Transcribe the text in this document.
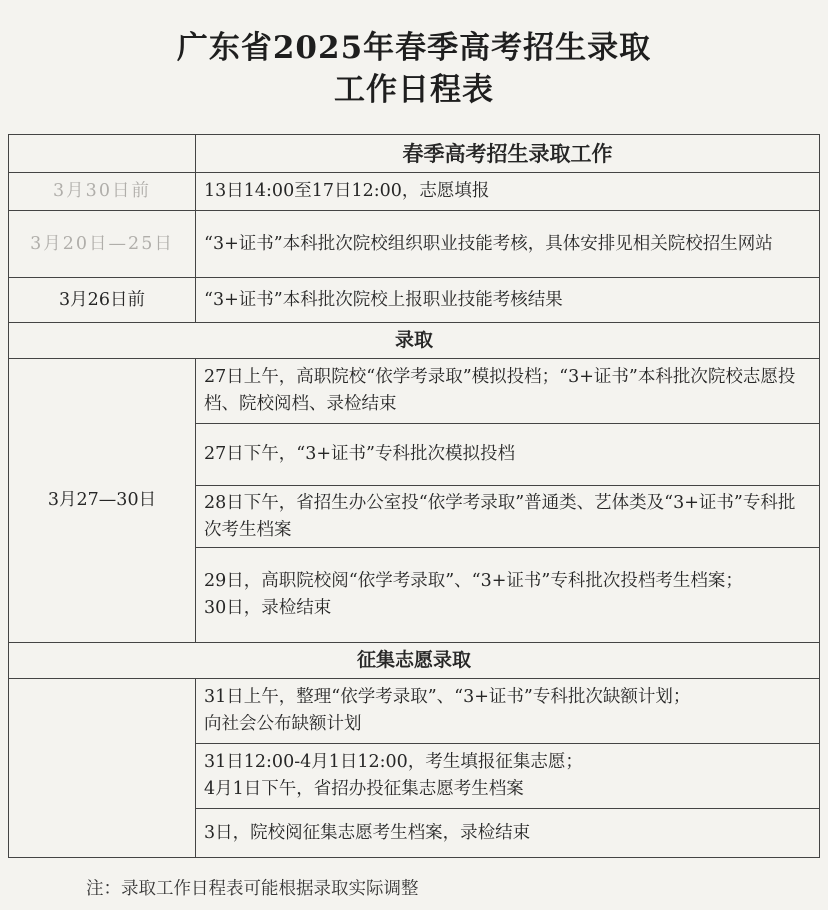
广东省2025年春季高考招生录取
工作日程表
	春季高考招生录取工作
3月30日前	13日14:00至17日12:00，志愿填报
3月20日—25日	“3+证书”本科批次院校组织职业技能考核，具体安排见相关院校招生网站
3月26日前	“3+证书”本科批次院校上报职业技能考核结果
录取	
3月27—30日	27日上午，高职院校“依学考录取”模拟投档；“3+证书”本科批次院校志愿投档、院校阅档、录检结束
	27日下午，“3+证书”专科批次模拟投档
	28日下午，省招生办公室投“依学考录取”普通类、艺体类及“3+证书”专科批次考生档案

	29日，高职院校阅“依学考录取”、“3+证书”专科批次投档考生档案；
30日，录检结束

征集志愿录取	

	31日上午，整理“依学考录取”、“3+证书”专科批次缺额计划；
向社会公布缺额计划

	31日12:00-4月1日12:00，考生填报征集志愿；
4月1日下午，省招办投征集志愿考生档案

	3日，院校阅征集志愿考生档案，录检结束
注：录取工作日程表可能根据录取实际调整
